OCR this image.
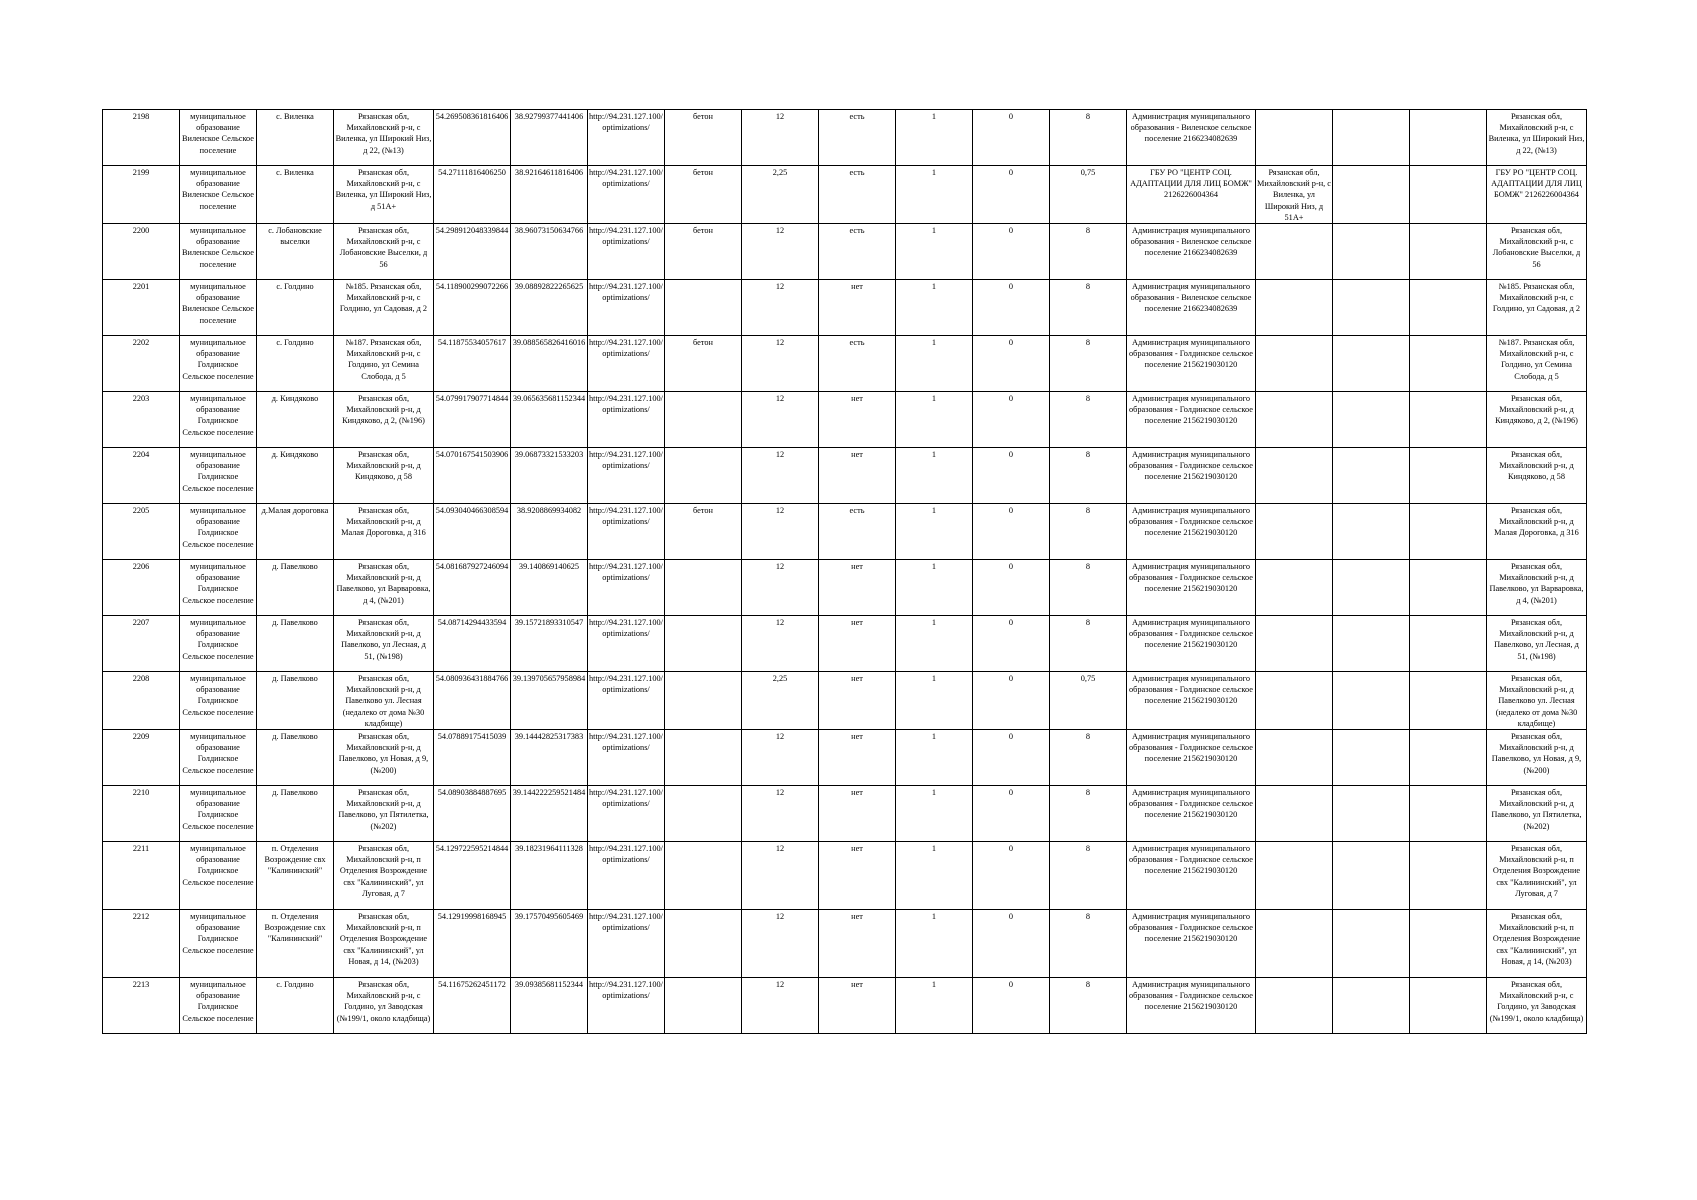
2198	муниципальное образование Виленское Сельское поселение	с. Виленка	Рязанская обл, Михайловский р-н, с Виленка, ул Широкий Низ, д 22, (№13)	54.269508361816406	38.92799377441406	http://94.231.127.100/optimizations/	бетон	12	есть	1	0	8	Администрация муниципального образования - Виленское сельское поселение 2166234082639				Рязанская обл, Михайловский р-н, с Виленка, ул Широкий Низ, д 22, (№13)
2199	муниципальное образование Виленское Сельское поселение	с. Виленка	Рязанская обл, Михайловский р-н, с Виленка, ул Широкий Низ, д 51А+	54.27111816406250	38.92164611816406	http://94.231.127.100/optimizations/	бетон	2,25	есть	1	0	0,75	ГБУ РО "ЦЕНТР СОЦ. АДАПТАЦИИ ДЛЯ ЛИЦ БОМЖ" 2126226004364	Рязанская обл, Михайловский р-н, с Виленка, ул Широкий Низ, д 51А+			ГБУ РО "ЦЕНТР СОЦ. АДАПТАЦИИ ДЛЯ ЛИЦ БОМЖ" 2126226004364
2200	муниципальное образование Виленское Сельское поселение	с. Лобановские выселки	Рязанская обл, Михайловский р-н, с Лобановские Выселки, д 56	54.298912048339844	38.96073150634766	http://94.231.127.100/optimizations/	бетон	12	есть	1	0	8	Администрация муниципального образования - Виленское сельское поселение 2166234082639				Рязанская обл, Михайловский р-н, с Лобановские Выселки, д 56
2201	муниципальное образование Виленское Сельское поселение	с. Голдино	№185. Рязанская обл, Михайловский р-н, с Голдино, ул Садовая, д 2	54.118900299072266	39.08892822265625	http://94.231.127.100/optimizations/		12	нет	1	0	8	Администрация муниципального образования - Виленское сельское поселение 2166234082639				№185. Рязанская обл, Михайловский р-н, с Голдино, ул Садовая, д 2
2202	муниципальное образование Голдинское Сельское поселение	с. Голдино	№187. Рязанская обл, Михайловский р-н, с Голдино, ул Семина Слобода, д 5	54.11875534057617	39.088565826416016	http://94.231.127.100/optimizations/	бетон	12	есть	1	0	8	Администрация муниципального образования - Голдинское сельское поселение 2156219030120				№187. Рязанская обл, Михайловский р-н, с Голдино, ул Семина Слобода, д 5
2203	муниципальное образование Голдинское Сельское поселение	д. Киндяково	Рязанская обл, Михайловский р-н, д Киндяково, д 2, (№196)	54.079917907714844	39.065635681152344	http://94.231.127.100/optimizations/		12	нет	1	0	8	Администрация муниципального образования - Голдинское сельское поселение 2156219030120				Рязанская обл, Михайловский р-н, д Киндяково, д 2, (№196)
2204	муниципальное образование Голдинское Сельское поселение	д. Киндяково	Рязанская обл, Михайловский р-н, д Киндяково, д 58	54.070167541503906	39.06873321533203	http://94.231.127.100/optimizations/		12	нет	1	0	8	Администрация муниципального образования - Голдинское сельское поселение 2156219030120				Рязанская обл, Михайловский р-н, д Киндяково, д 58
2205	муниципальное образование Голдинское Сельское поселение	д.Малая дороговка	Рязанская обл, Михайловский р-н, д Малая Дороговка, д 316	54.093040466308594	38.9208869934082	http://94.231.127.100/optimizations/	бетон	12	есть	1	0	8	Администрация муниципального образования - Голдинское сельское поселение 2156219030120				Рязанская обл, Михайловский р-н, д Малая Дороговка, д 316
2206	муниципальное образование Голдинское Сельское поселение	д. Павелково	Рязанская обл, Михайловский р-н, д Павелково, ул Варваровка, д 4, (№201)	54.081687927246094	39.140869140625	http://94.231.127.100/optimizations/		12	нет	1	0	8	Администрация муниципального образования - Голдинское сельское поселение 2156219030120				Рязанская обл, Михайловский р-н, д Павелково, ул Варваровка, д 4, (№201)
2207	муниципальное образование Голдинское Сельское поселение	д. Павелково	Рязанская обл, Михайловский р-н, д Павелково, ул Лесная, д 51, (№198)	54.08714294433594	39.15721893310547	http://94.231.127.100/optimizations/		12	нет	1	0	8	Администрация муниципального образования - Голдинское сельское поселение 2156219030120				Рязанская обл, Михайловский р-н, д Павелково, ул Лесная, д 51, (№198)
2208	муниципальное образование Голдинское Сельское поселение	д. Павелково	Рязанская обл, Михайловский р-н, д Павелково ул. Лесная (недалеко от дома №30 кладбище)	54.080936431884766	39.139705657958984	http://94.231.127.100/optimizations/		2,25	нет	1	0	0,75	Администрация муниципального образования - Голдинское сельское поселение 2156219030120				Рязанская обл, Михайловский р-н, д Павелково ул. Лесная (недалеко от дома №30 кладбище)
2209	муниципальное образование Голдинское Сельское поселение	д. Павелково	Рязанская обл, Михайловский р-н, д Павелково, ул Новая, д 9, (№200)	54.07889175415039	39.14442825317383	http://94.231.127.100/optimizations/		12	нет	1	0	8	Администрация муниципального образования - Голдинское сельское поселение 2156219030120				Рязанская обл, Михайловский р-н, д Павелково, ул Новая, д 9, (№200)
2210	муниципальное образование Голдинское Сельское поселение	д. Павелково	Рязанская обл, Михайловский р-н, д Павелково, ул Пятилетка, (№202)	54.08903884887695	39.144222259521484	http://94.231.127.100/optimizations/		12	нет	1	0	8	Администрация муниципального образования - Голдинское сельское поселение 2156219030120				Рязанская обл, Михайловский р-н, д Павелково, ул Пятилетка, (№202)
2211	муниципальное образование Голдинское Сельское поселение	п. Отделения Возрождение свх "Калининский"	Рязанская обл, Михайловский р-н, п Отделения Возрождение свх "Калининский", ул Луговая, д 7	54.129722595214844	39.18231964111328	http://94.231.127.100/optimizations/		12	нет	1	0	8	Администрация муниципального образования - Голдинское сельское поселение 2156219030120				Рязанская обл, Михайловский р-н, п Отделения Возрождение свх "Калининский", ул Луговая, д 7
2212	муниципальное образование Голдинское Сельское поселение	п. Отделения Возрождение свх "Калининский"	Рязанская обл, Михайловский р-н, п Отделения Возрождение свх "Калининский", ул Новая, д 14, (№203)	54.12919998168945	39.17570495605469	http://94.231.127.100/optimizations/		12	нет	1	0	8	Администрация муниципального образования - Голдинское сельское поселение 2156219030120				Рязанская обл, Михайловский р-н, п Отделения Возрождение свх "Калининский", ул Новая, д 14, (№203)
2213	муниципальное образование Голдинское Сельское поселение	с. Голдино	Рязанская обл, Михайловский р-н, с Голдино, ул Заводская (№199/1, около кладбища)	54.11675262451172	39.09385681152344	http://94.231.127.100/optimizations/		12	нет	1	0	8	Администрация муниципального образования - Голдинское сельское поселение 2156219030120				Рязанская обл, Михайловский р-н, с Голдино, ул Заводская (№199/1, около кладбища)
